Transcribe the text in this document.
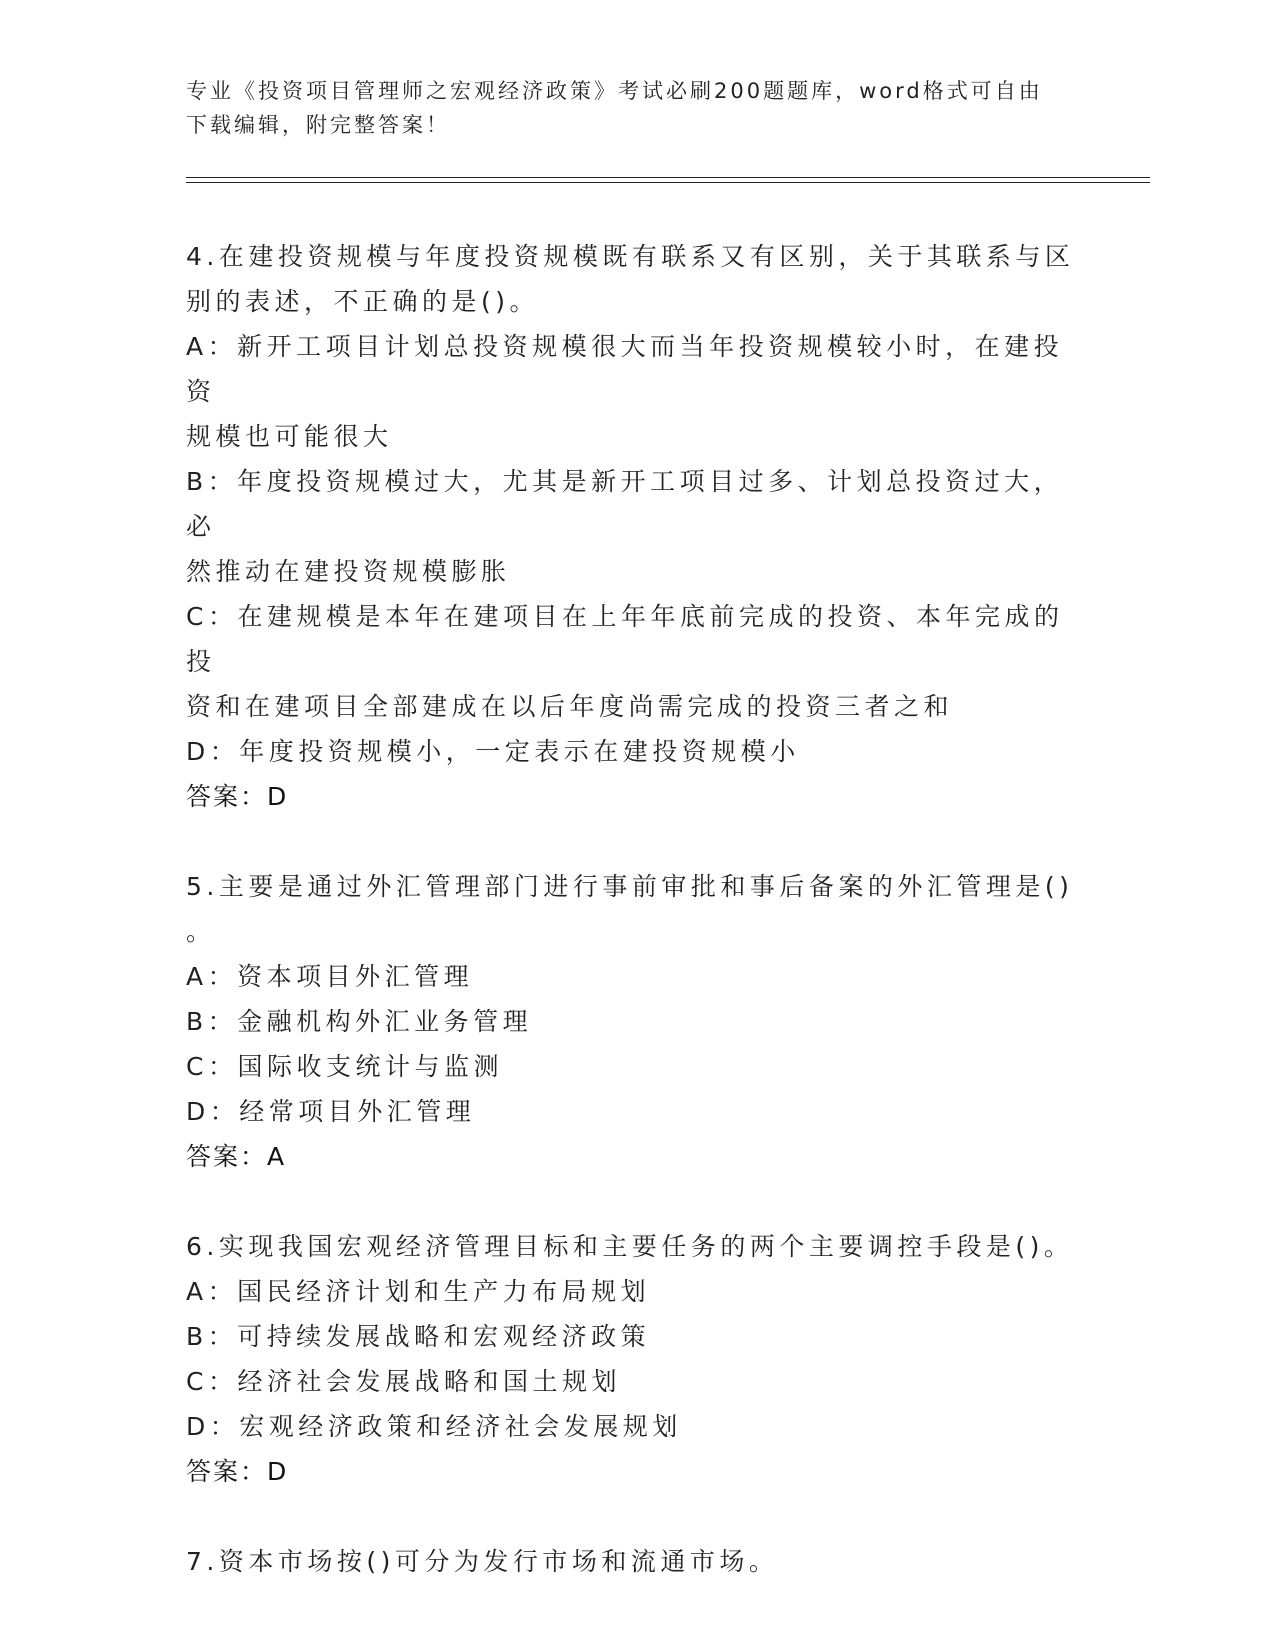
专业《投资项目管理师之宏观经济政策》考试必刷200题题库，word格式可自由
下载编辑，附完整答案！
4.在建投资规模与年度投资规模既有联系又有区别，关于其联系与区
别的表述，不正确的是()。
A：新开工项目计划总投资规模很大而当年投资规模较小时，在建投资
规模也可能很大
B：年度投资规模过大，尤其是新开工项目过多、计划总投资过大，必
然推动在建投资规模膨胀
C：在建规模是本年在建项目在上年年底前完成的投资、本年完成的投
资和在建项目全部建成在以后年度尚需完成的投资三者之和
D：年度投资规模小，一定表示在建投资规模小
答案：D
5.主要是通过外汇管理部门进行事前审批和事后备案的外汇管理是()
。
A：资本项目外汇管理
B：金融机构外汇业务管理
C：国际收支统计与监测
D：经常项目外汇管理
答案：A
6.实现我国宏观经济管理目标和主要任务的两个主要调控手段是()。
A：国民经济计划和生产力布局规划
B：可持续发展战略和宏观经济政策
C：经济社会发展战略和国土规划
D：宏观经济政策和经济社会发展规划
答案：D
7.资本市场按()可分为发行市场和流通市场。
